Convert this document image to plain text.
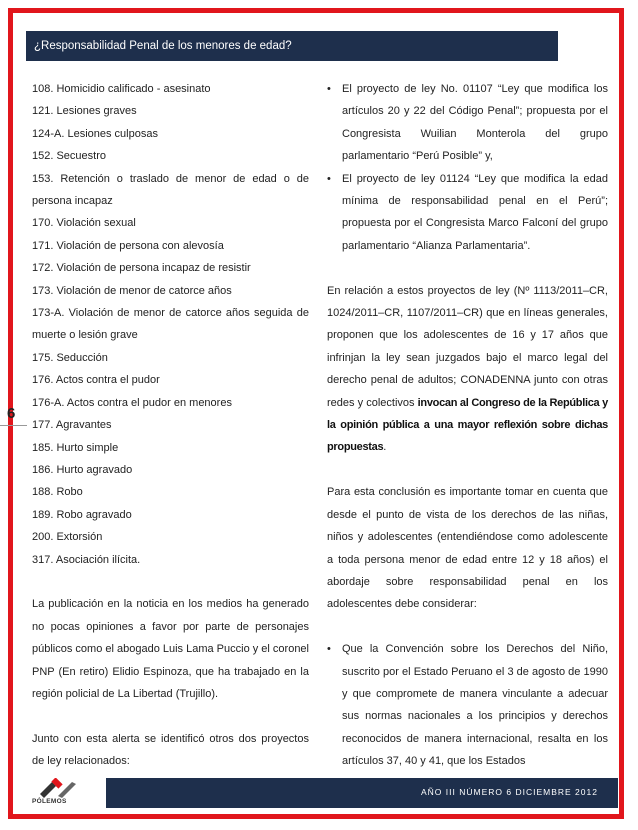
¿Responsabilidad Penal de los menores de edad?
6

108. Homicidio calificado - asesinato

121. Lesiones graves

124-A. Lesiones culposas

152. Secuestro

153. Retención o traslado de menor de edad o de persona incapaz

170. Violación sexual

171. Violación de persona con alevosía

172. Violación de persona incapaz de resistir

173. Violación de menor de catorce años

173-A. Violación de menor de catorce años seguida de muerte o lesión grave

175. Seducción

176. Actos contra el pudor

176-A. Actos contra el pudor en menores

177. Agravantes

185. Hurto simple

186. Hurto agravado

188. Robo

189. Robo agravado

200. Extorsión

317. Asociación ilícita.

La publicación en la noticia en los medios ha generado no pocas opiniones a favor por parte de personajes públicos como el abogado Luis Lama Puccio y el coronel PNP (En retiro) Elidio Espinoza, que ha trabajado en la región policial de La Libertad (Trujillo).

Junto con esta alerta se identificó otros dos proyectos de ley relacionados:

• El proyecto de ley No. 01107 “Ley que modifica los artículos 20 y 22 del Código Penal”; propuesta por el Congresista Wuilian Monterola del grupo parlamentario “Perú Posible” y,
• El proyecto de ley 01124 “Ley que modifica la edad mínima de responsabilidad penal en el Perú”; propuesta por el Congresista Marco Falconí del grupo parlamentario “Alianza Parlamentaria”.

En relación a estos proyectos de ley (Nº 1113/2011–CR, 1024/2011–CR, 1107/2011–CR) que en líneas generales, proponen que los adolescentes de 16 y 17 años que infrinjan la ley sean juzgados bajo el marco legal del derecho penal de adultos; CONADENNA junto con otras redes y colectivos invocan al Congreso de la República y la opinión pública a una mayor reflexión sobre dichas propuestas.

Para esta conclusión es importante tomar en cuenta que desde el punto de vista de los derechos de las niñas, niños y adolescentes (entendiéndose como adolescente a toda persona menor de edad entre 12 y 18 años) el abordaje sobre responsabilidad penal en los adolescentes debe considerar:

• Que la Convención sobre los Derechos del Niño, suscrito por el Estado Peruano el 3 de agosto de 1990 y que compromete de manera vinculante a adecuar sus normas nacionales a los principios y derechos reconocidos de manera internacional, resalta en los artículos 37, 40 y 41, que los Estados
AÑO III NÚMERO 6 DICIEMBRE 2012
PÓLEMOS
